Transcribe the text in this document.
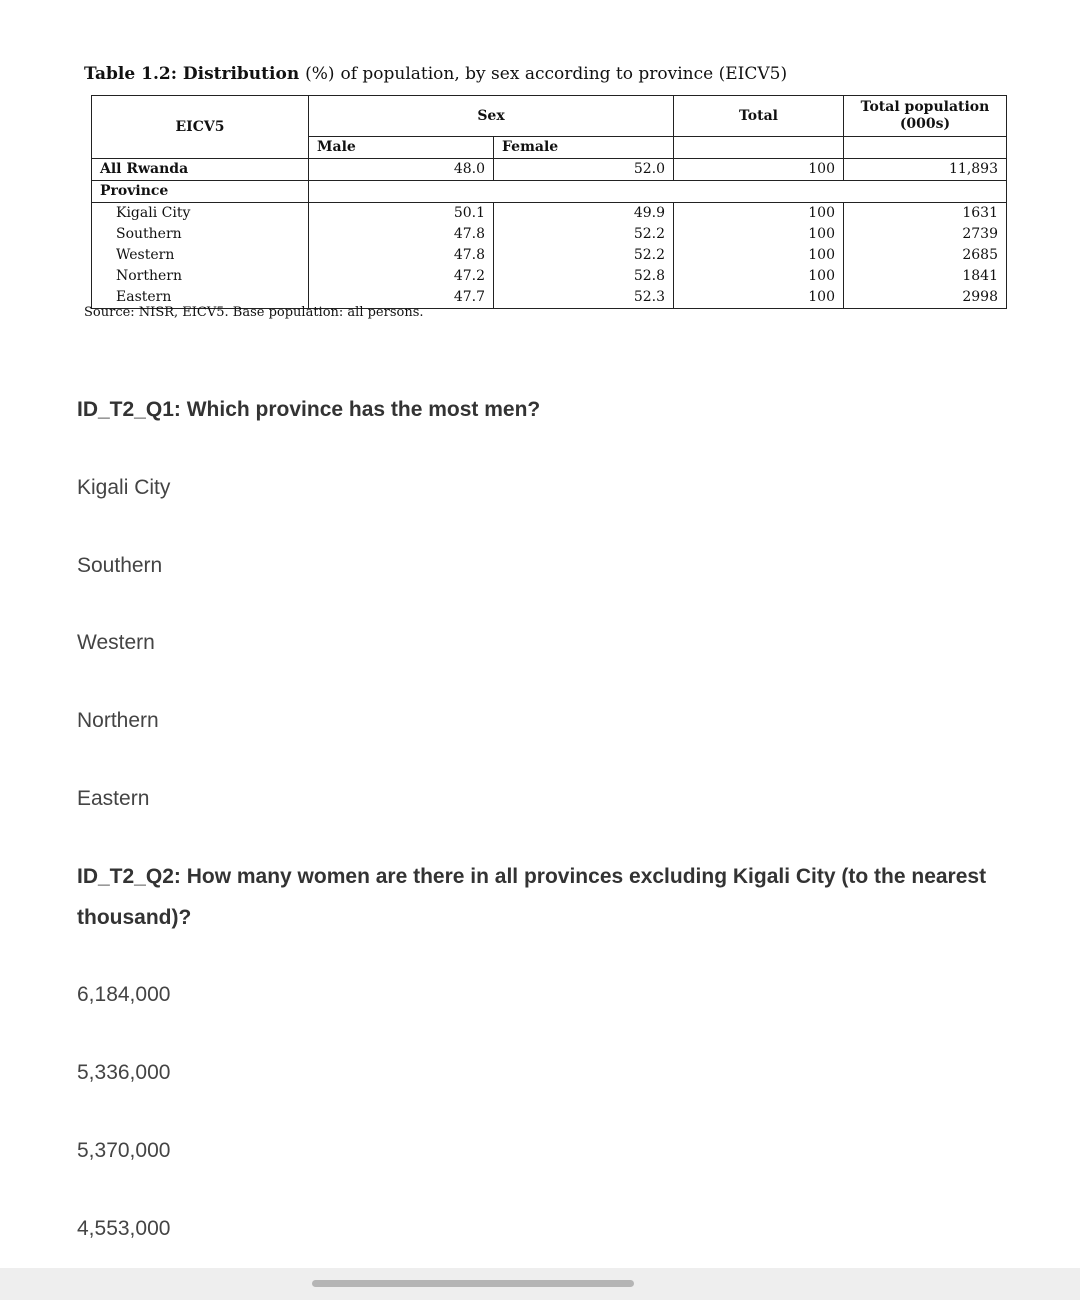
Table 1.2: Distribution (%) of population, by sex according to province (EICV5)
EICV5	Sex		Total	Total population
(000s)

	Male	Female		
All Rwanda	48.0	52.0	100	11,893
Province				
Kigali City	50.1	49.9	100	1631
Southern	47.8	52.2	100	2739
Western	47.8	52.2	100	2685
Northern	47.2	52.8	100	1841
Eastern	47.7	52.3	100	2998
Source: NISR, EICV5. Base population: all persons.
ID_T2_Q1: Which province has the most men?
Kigali City
Southern
Western
Northern
Eastern
ID_T2_Q2: How many women are there in all provinces excluding Kigali City (to the nearest thousand)?
6,184,000
5,336,000
5,370,000
4,553,000
